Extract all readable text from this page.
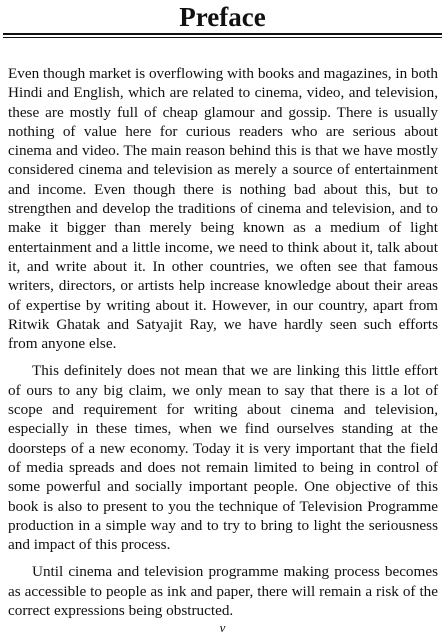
Preface

Even though market is overflowing with books and magazines, in both Hindi and English, which are related to cinema, video, and television, these are mostly full of cheap glamour and gossip. There is usually nothing of value here for curious readers who are serious about cinema and video. The main reason behind this is that we have mostly considered cinema and television as merely a source of entertainment and income. Even though there is nothing bad about this, but to strengthen and develop the traditions of cinema and television, and to make it bigger than merely being known as a medium of light entertainment and a little income, we need to think about it, talk about it, and write about it. In other countries, we often see that famous writers, directors, or artists help increase knowledge about their areas of expertise by writing about it. However, in our country, apart from Ritwik Ghatak and Satyajit Ray, we have hardly seen such efforts from anyone else.

This definitely does not mean that we are linking this little effort of ours to any big claim, we only mean to say that there is a lot of scope and requirement for writing about cinema and television, especially in these times, when we find ourselves standing at the doorsteps of a new economy. Today it is very important that the field of media spreads and does not remain limited to being in control of some powerful and socially important people. One objective of this book is also to present to you the technique of Television Programme production in a simple way and to try to bring to light the seriousness and impact of this process.

Until cinema and television programme making process becomes as accessible to people as ink and paper, there will remain a risk of the correct expressions being obstructed.

v
